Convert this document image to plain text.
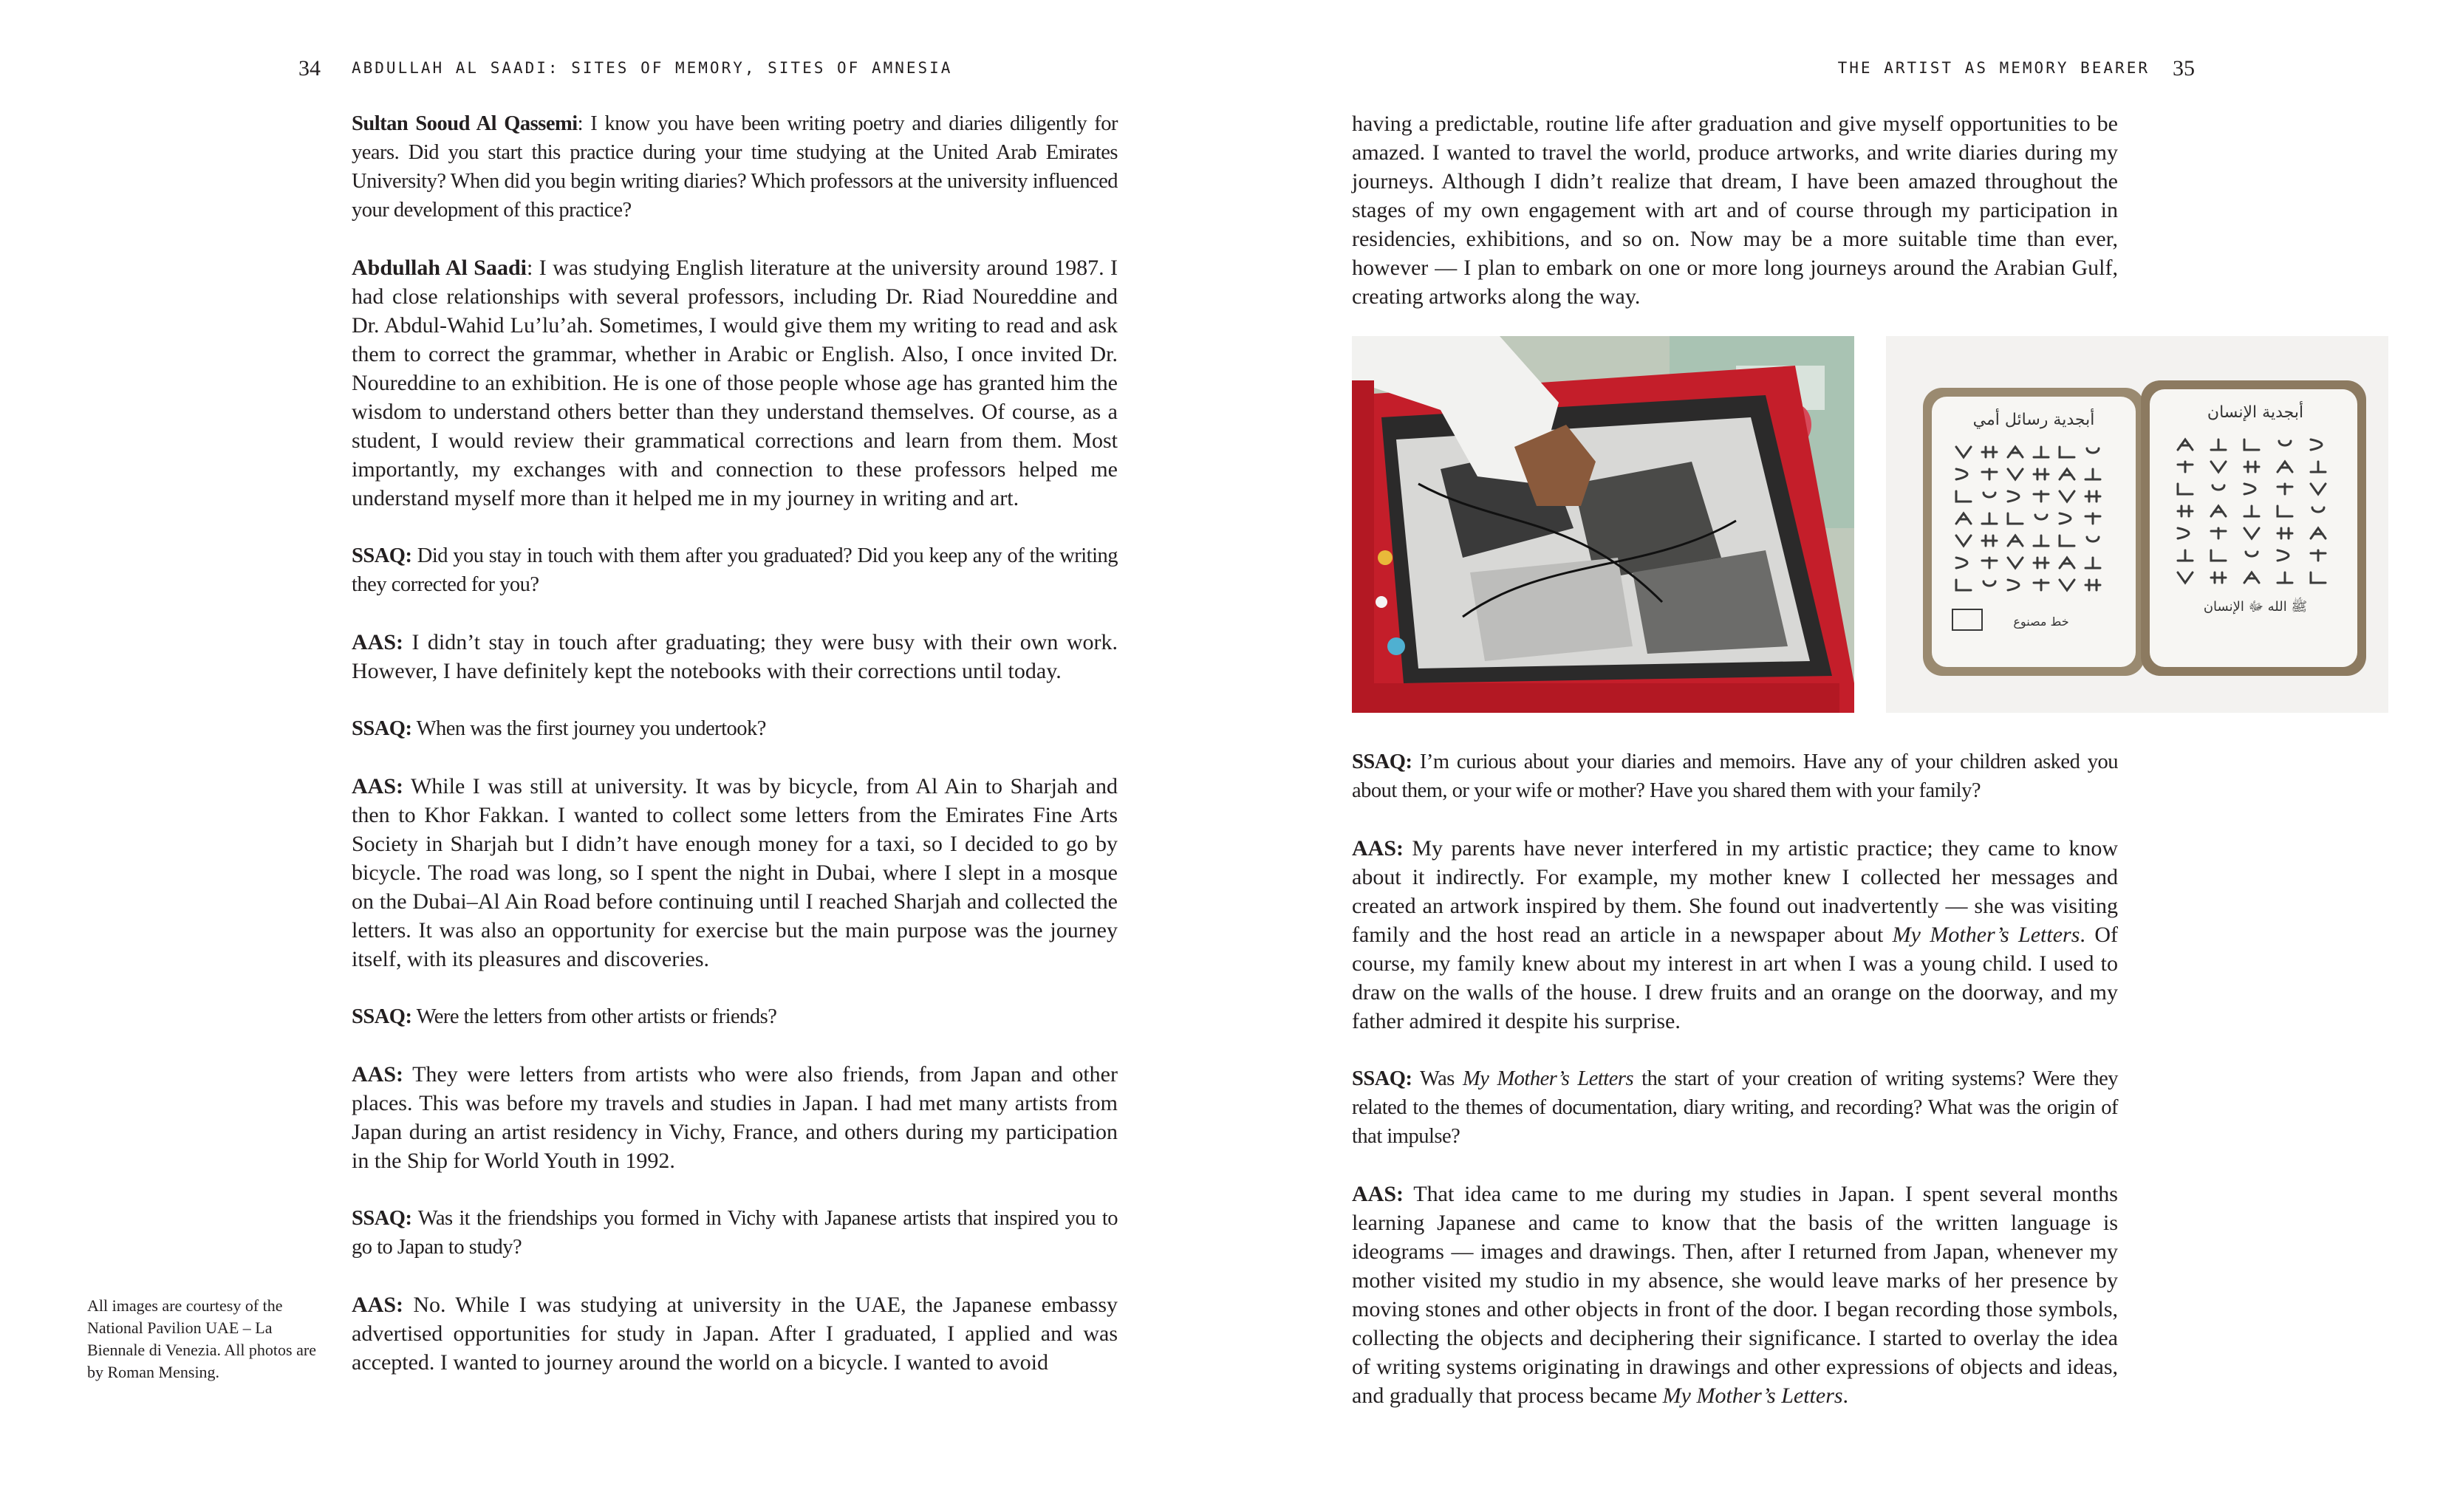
34 ABDULLAH AL SAADI: SITES OF MEMORY, SITES OF AMNESIA

Sultan Sooud Al Qassemi: I know you have been writing poetry and diaries diligently for years. Did you start this practice during your time studying at the United Arab Emirates University? When did you begin writing diaries? Which professors at the university influenced your development of this practice?

Abdullah Al Saadi: I was studying English literature at the university around 1987. I had close relationships with several professors, including Dr. Riad Noureddine and Dr. Abdul-Wahid Lu’lu’ah. Sometimes, I would give them my writing to read and ask them to correct the grammar, whether in Arabic or English. Also, I once invited Dr. Noureddine to an exhibition. He is one of those people whose age has granted him the wisdom to understand others better than they understand themselves. Of course, as a student, I would review their grammatical corrections and learn from them. Most importantly, my exchanges with and connection to these professors helped me understand myself more than it helped me in my journey in writing and art.

SSAQ: Did you stay in touch with them after you graduated? Did you keep any of the writing they corrected for you?

AAS: I didn’t stay in touch after graduating; they were busy with their own work. However, I have definitely kept the notebooks with their corrections until today.

SSAQ: When was the first journey you undertook?

AAS: While I was still at university. It was by bicycle, from Al Ain to Sharjah and then to Khor Fakkan. I wanted to collect some letters from the Emirates Fine Arts Society in Sharjah but I didn’t have enough money for a taxi, so I decided to go by bicycle. The road was long, so I spent the night in Dubai, where I slept in a mosque on the Dubai–Al Ain Road before continuing until I reached Sharjah and collected the letters. It was also an opportunity for exercise but the main purpose was the journey itself, with its pleasures and discoveries.

SSAQ: Were the letters from other artists or friends?

AAS: They were letters from artists who were also friends, from Japan and other places. This was before my travels and studies in Japan. I had met many artists from Japan during an artist residency in Vichy, France, and others during my participation in the Ship for World Youth in 1992.

SSAQ: Was it the friendships you formed in Vichy with Japanese artists that inspired you to go to Japan to study?

AAS: No. While I was studying at university in the UAE, the Japanese embassy advertised opportunities for study in Japan. After I graduated, I applied and was accepted. I wanted to journey around the world on a bicycle. I wanted to avoid

All images are courtesy of the National Pavilion UAE – La Biennale di Venezia. All photos are by Roman Mensing.
THE ARTIST AS MEMORY BEARER 35

having a predictable, routine life after graduation and give myself opportunities to be amazed. I wanted to travel the world, produce artworks, and write diaries during my journeys. Although I didn’t realize that dream, I have been amazed throughout the stages of my own engagement with art and of course through my participation in residencies, exhibitions, and so on. Now may be a more suitable time than ever, however — I plan to embark on one or more long journeys around the Arabian Gulf, creating artworks along the way.

أبجدية رسائل أمي	أبجدية الإنسان
خط مصنوع
ﷺ الله ﷻ الإنسان

SSAQ: I’m curious about your diaries and memoirs. Have any of your children asked you about them, or your wife or mother? Have you shared them with your family?

AAS: My parents have never interfered in my artistic practice; they came to know about it indirectly. For example, my mother knew I collected her messages and created an artwork inspired by them. She found out inadvertently — she was visiting family and the host read an article in a newspaper about My Mother’s Letters. Of course, my family knew about my interest in art when I was a young child. I used to draw on the walls of the house. I drew fruits and an orange on the doorway, and my father admired it despite his surprise.

SSAQ: Was My Mother’s Letters the start of your creation of writing systems? Were they related to the themes of documentation, diary writing, and recording? What was the origin of that impulse?

AAS: That idea came to me during my studies in Japan. I spent several months learning Japanese and came to know that the basis of the written language is ideograms — images and drawings. Then, after I returned from Japan, whenever my mother visited my studio in my absence, she would leave marks of her presence by moving stones and other objects in front of the door. I began recording those symbols, collecting the objects and deciphering their significance. I started to overlay the idea of writing systems originating in drawings and other expressions of objects and ideas, and gradually that process became My Mother’s Letters.
